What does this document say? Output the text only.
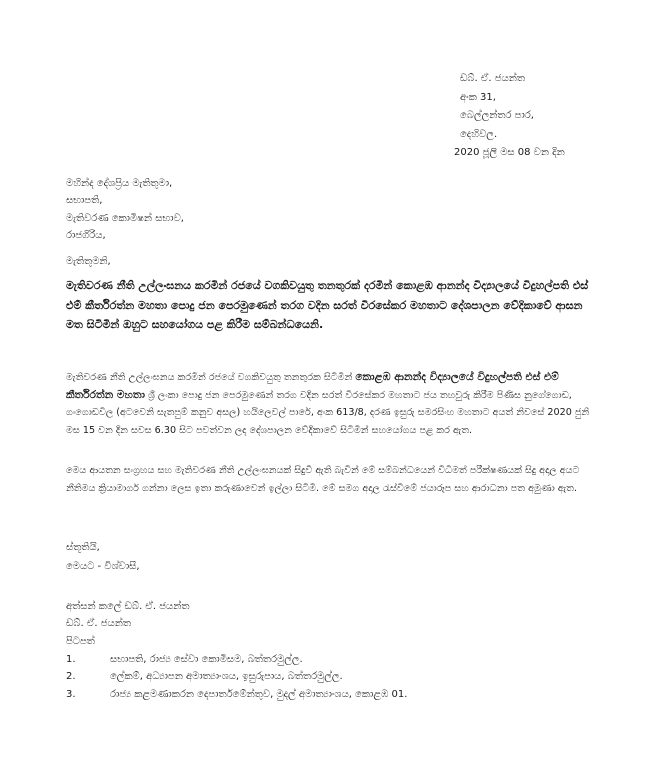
ඩබ්. ඒ. ජයන්ත
අංක 31,
බෙල්ලන්තර පාර,
දෙහිවල.
2020 ජූලි මස 08 වන දින
මහින්ද දේශප්‍රිය මැතිතුමා,
සභාපති,
මැතිවරණ කොමිෂන් සභාව,
රාජගිරිය,
මැතිතුමනි,
මැතිවරණ නීති උල්ලංඝනය කරමින් රජයේ වගකිවයුතු තනතුරක් දරමින් කොළඹ ආනන්ද විද්‍යාලයේ විදුහල්පති එස් එම් කීර්තිරත්න මහතා පොදු ජන පෙරමුණෙන් තරග වදින සරත් වීරසේකර මහතාට දේශපාලන වේදිකාවේ ආසන මත සිටිමින් ඔහුට සහයෝගය පළ කිරීම සම්බන්ධයෙනි.
මැතිවරණ නීති උල්ලංඝනය කරමින් රජයේ වගකිවයුතු තනතුරක සිටිමින් කොළඹ ආනන්ද විද්‍යාලයේ විදුහල්පති එස් එම් කීර්තිරත්න මහතා ශ්‍රී ලංකා පොදු ජන පෙරමුණෙන් තරග වදින සරත් වීරසේකර මහතාට ජය තහවුරු කිරීම පිණිස නුගේගොඩ, ගංගොඩවිල (අටවෙනි සැතපුම් කනුව අසල) හයිලෙවල් පාරේ, අංක 613/8, දරණ ඉසුරු සමරසිංහ මහතාට අයත් නිවසේ 2020 ජුනි මස 15 වන දින සවස 6.30 සිට පවත්වන ලද දේශපාලන වේදිකාවේ සිටිමින් සහයෝගය පළ කර ඇත.
මෙය ආයතන සංග්‍රහය සහ මැතිවරණ නීති උල්ලංඝනයක් සිදුවී ඇති බැවින් මේ සම්බන්ධයෙන් විධිමත් පරීක්ෂණයක් සිදු අදාල අයට නීතිමය ක්‍රියාමාර්ග ගන්නා ලෙස ඉතා කරුණාවෙන් ඉල්ලා සිටිමි. මේ සමග අදාල රැස්වීමේ ජයාරූප සහ ආරාධනා පත අමුණා ඇත.
ස්තූතියි,
මෙයට - විශ්වාසී,
අත්සන් කලේ ඩබ්. ඒ. ජයන්ත
ඩබ්. ඒ. ජයන්ත
පිටපත්
1.	සභාපති, රාජ්‍ය සේවා කොමිසම, බත්තරමුල්ල.
2.	ලේකම්, අධ්‍යාපන අමාත්‍යාංශය, ඉසුරුපාය, බත්තරමුල්ල.
3.	රාජ්‍ය කළමණාකරන දෙපාර්තමේන්තුව, මුදල් අමාත්‍යාංශය, කොළඹ 01.
